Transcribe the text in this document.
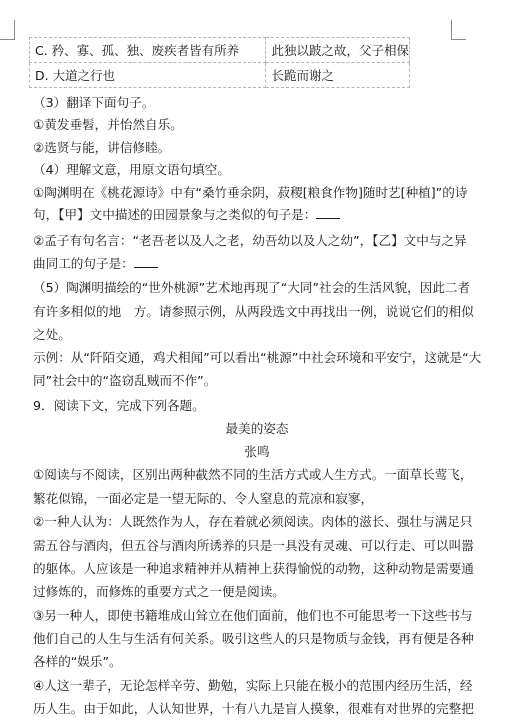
C. 矜、寡、孤、独、废疾者皆有所养	此独以跛之故，父子相保
D. 大道之行也	长跪而谢之
（3）翻译下面句子。
①黄发垂髫，并怡然自乐。
②选贤与能，讲信修睦。
（4）理解文意，用原文语句填空。
①陶渊明在《桃花源诗》中有“桑竹垂余阴，菽稷[粮食作物]随时艺[种植]”的诗
句，【甲】文中描述的田园景象与之类似的句子是：
②孟子有句名言：“老吾老以及人之老，幼吾幼以及人之幼”，【乙】文中与之异
曲同工的句子是：
（5）陶渊明描绘的“世外桃源”艺术地再现了“大同”社会的生活风貌，因此二者
有许多相似的地　方。请参照示例，从两段选文中再找出一例，说说它们的相似
之处。
示例：从“阡陌交通，鸡犬相闻”可以看出“桃源”中社会环境和平安宁，这就是“大
同”社会中的“盗窃乱贼而不作”。
9．阅读下文，完成下列各题。
最美的姿态
张鸣
①阅读与不阅读，区别出两种截然不同的生活方式或人生方式。一面草长莺飞，
繁花似锦，一面必定是一望无际的、令人窒息的荒凉和寂寥，
②一种人认为：人既然作为人，存在着就必须阅读。肉体的滋长、强壮与满足只
需五谷与酒肉，但五谷与酒肉所诱养的只是一具没有灵魂、可以行走、可以叫嚣
的躯体。人应该是一种追求精神并从精神上获得愉悦的动物，这种动物是需要通
过修炼的，而修炼的重要方式之一便是阅读。
③另一种人，即使书籍堆成山耸立在他们面前，他们也不可能思考一下这些书与
他们自己的人生与生活有何关系。吸引这些人的只是物质与金钱，再有便是各种
各样的“娱乐”。
④人这一辈子，无论怎样辛劳、勤勉，实际上只能在极小的范围内经历生活，经
历人生。由于如此，人认知世界，十有八九是盲人摸象，很难有对世界的完整把
